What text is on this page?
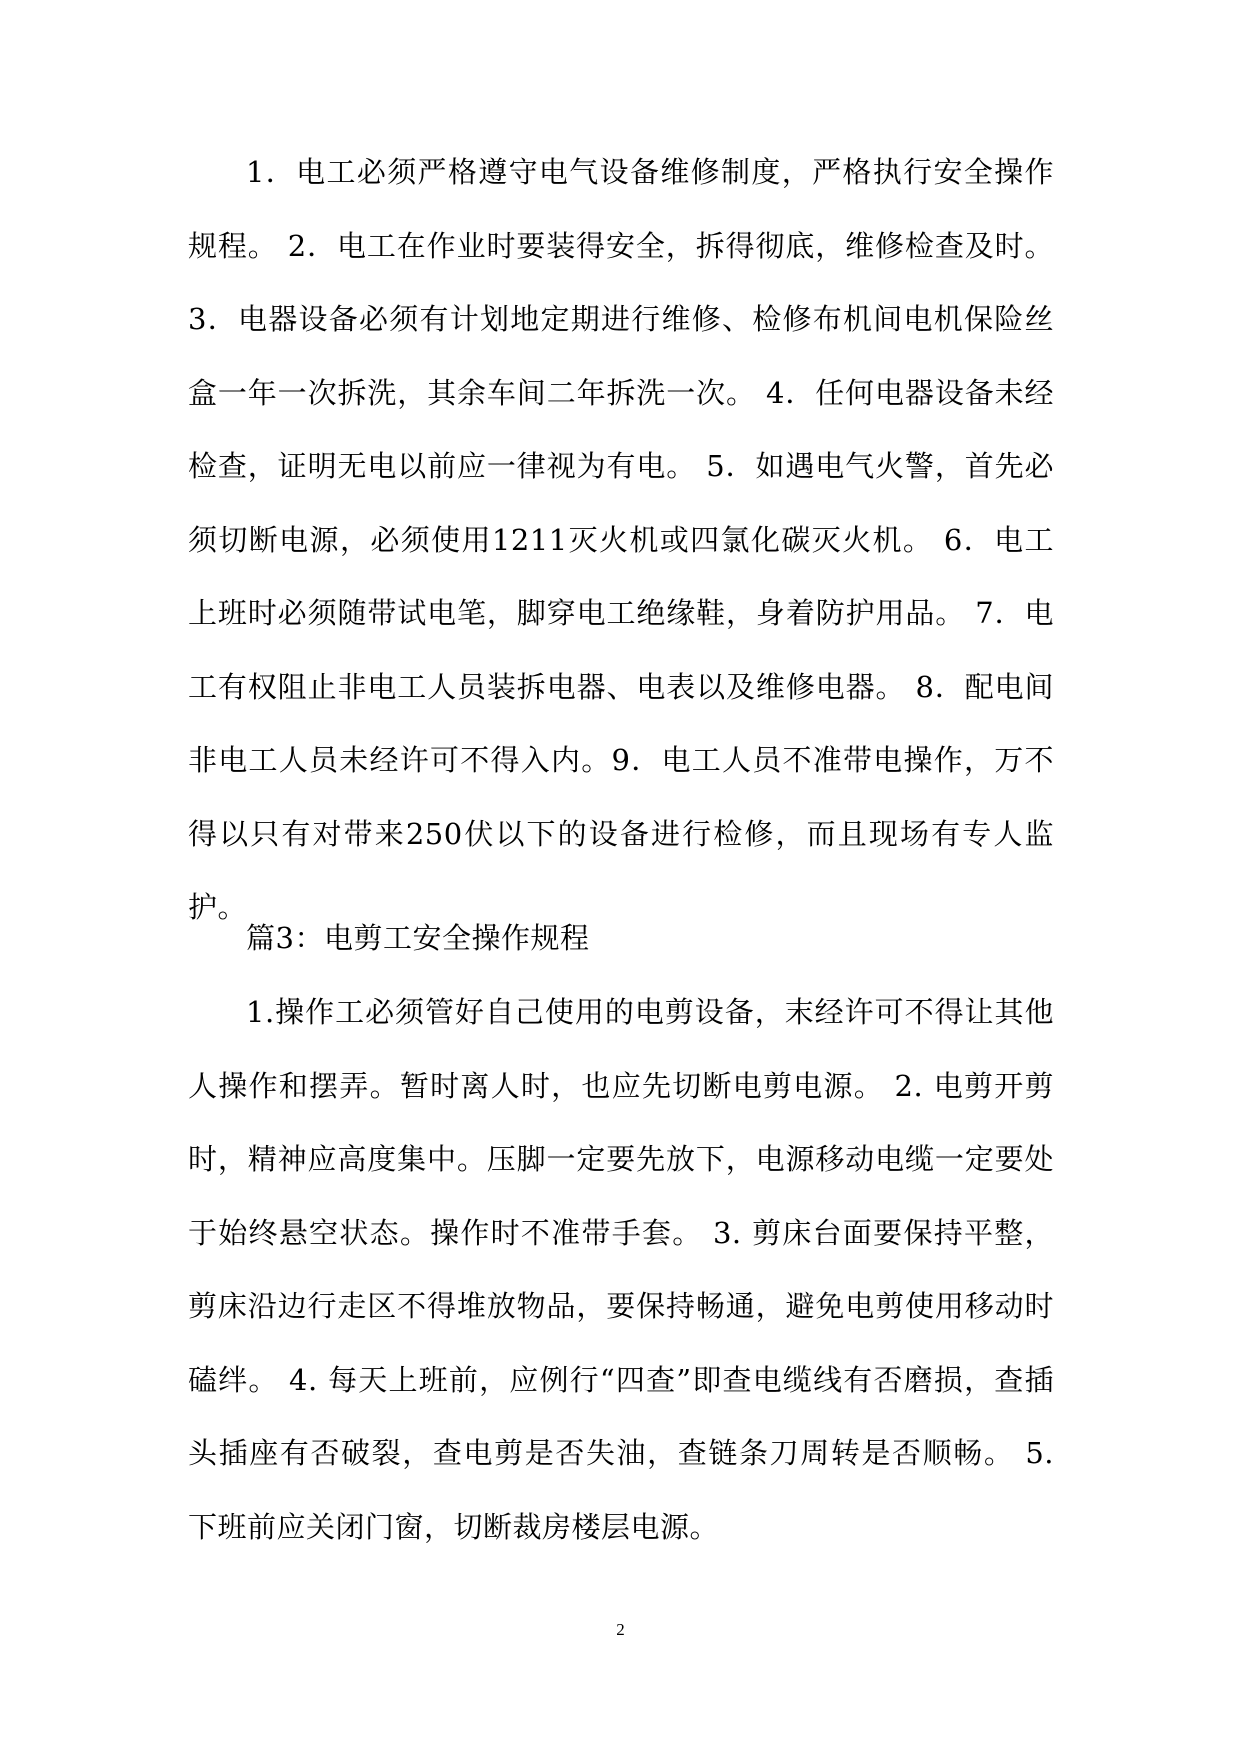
1．电工必须严格遵守电气设备维修制度，严格执行安全操作规程。 2．电工在作业时要装得安全，拆得彻底，维修检查及时。 3．电器设备必须有计划地定期进行维修、检修布机间电机保险丝盒一年一次拆洗，其余车间二年拆洗一次。 4．任何电器设备未经检查，证明无电以前应一律视为有电。 5．如遇电气火警，首先必须切断电源，必须使用1211灭火机或四氯化碳灭火机。 6．电工上班时必须随带试电笔，脚穿电工绝缘鞋，身着防护用品。 7．电工有权阻止非电工人员装拆电器、电表以及维修电器。 8．配电间非电工人员未经许可不得入内。9．电工人员不准带电操作，万不得以只有对带来250伏以下的设备进行检修，而且现场有专人监护。

篇3：电剪工安全操作规程

1.操作工必须管好自己使用的电剪设备，末经许可不得让其他人操作和摆弄。暂时离人时，也应先切断电剪电源。 2. 电剪开剪时，精神应高度集中。压脚一定要先放下，电源移动电缆一定要处于始终悬空状态。操作时不准带手套。 3. 剪床台面要保持平整，剪床沿边行走区不得堆放物品，要保持畅通，避免电剪使用移动时磕绊。 4. 每天上班前，应例行“四查”即查电缆线有否磨损，查插头插座有否破裂，查电剪是否失油，查链条刀周转是否顺畅。 5. 下班前应关闭门窗，切断裁房楼层电源。

2
